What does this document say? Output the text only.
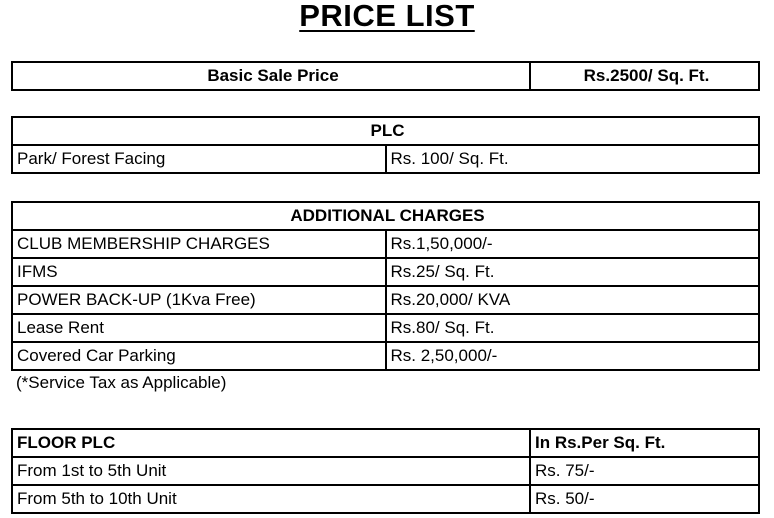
PRICE LIST
Basic Sale Price	Rs.2500/ Sq. Ft.
PLC
Park/ Forest Facing	Rs. 100/ Sq. Ft.
ADDITIONAL CHARGES	
CLUB MEMBERSHIP CHARGES	Rs.1,50,000/-
IFMS	Rs.25/ Sq. Ft.
POWER BACK-UP (1Kva Free)	Rs.20,000/ KVA
Lease Rent	Rs.80/ Sq. Ft.
Covered Car Parking	Rs. 2,50,000/-
(*Service Tax as Applicable)
FLOOR PLC	In Rs.Per Sq. Ft.
From 1st to 5th Unit	Rs. 75/-
From 5th to 10th Unit	Rs. 50/-
